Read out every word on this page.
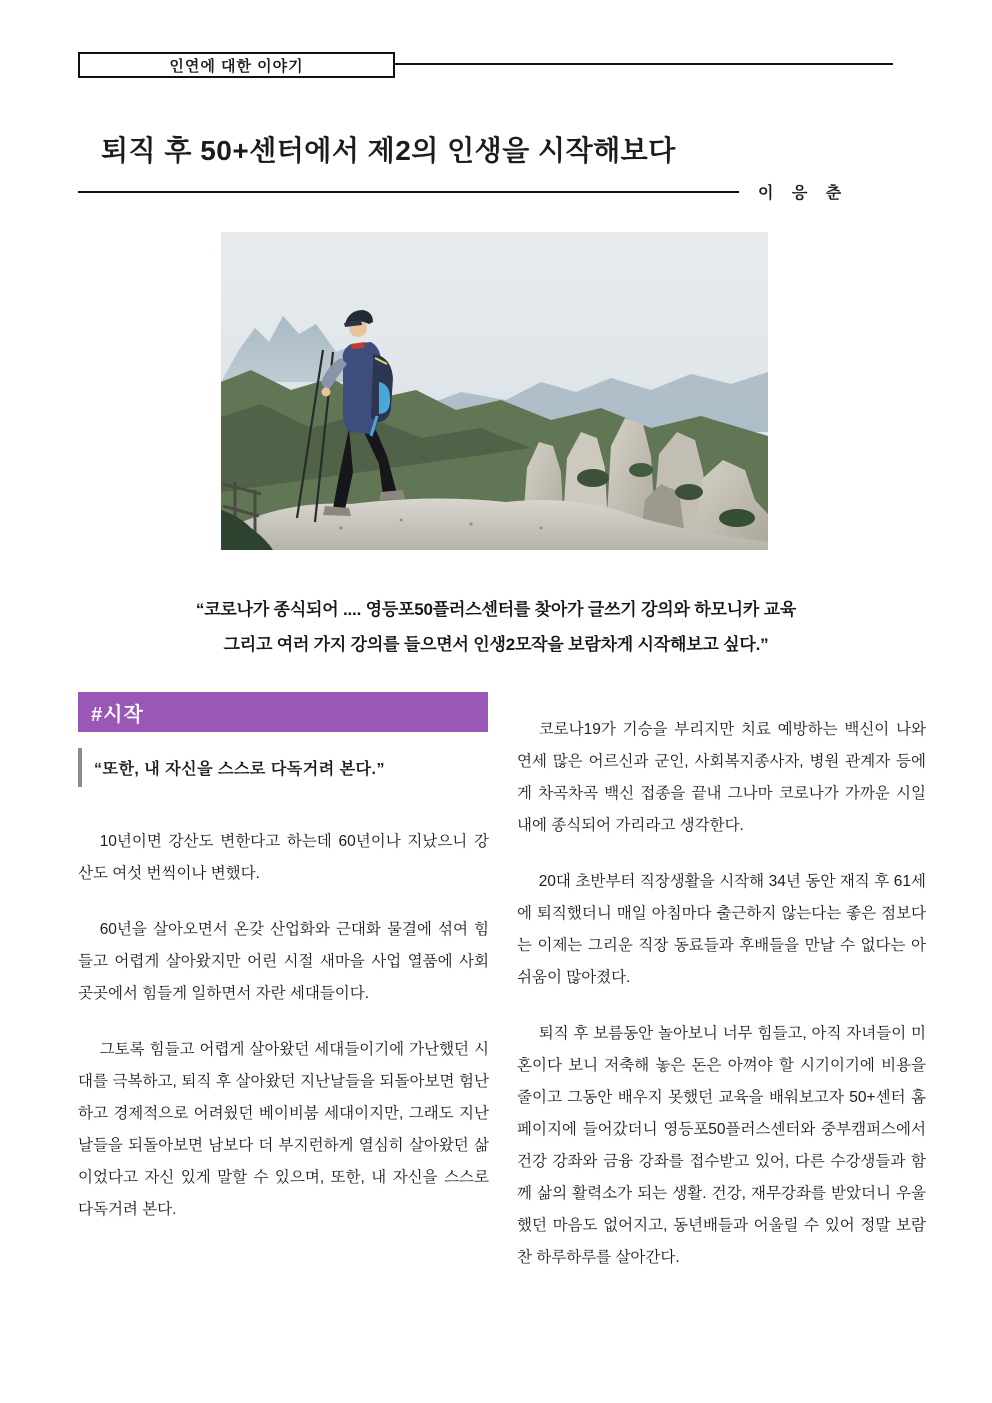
인연에 대한 이야기
퇴직 후 50+센터에서 제2의 인생을 시작해보다
이 응 춘
“코로나가 종식되어 .... 영등포50플러스센터를 찾아가 글쓰기 강의와 하모니카 교육
그리고 여러 가지 강의를 들으면서 인생2모작을 보람차게 시작해보고 싶다.”
#시작
“또한, 내 자신을 스스로 다독거려 본다.”

10년이면 강산도 변한다고 하는데 60년이나 지났으니 강산도 여섯 번씩이나 변했다.

60년을 살아오면서 온갖 산업화와 근대화 물결에 섞여 힘들고 어렵게 살아왔지만 어린 시절 새마을 사업 열품에 사회 곳곳에서 힘들게 일하면서 자란 세대들이다.

그토록 힘들고 어렵게 살아왔던 세대들이기에 가난했던 시대를 극복하고, 퇴직 후 살아왔던 지난날들을 되돌아보면 험난하고 경제적으로 어려웠던 베이비붐 세대이지만, 그래도 지난날들을 되돌아보면 남보다 더 부지런하게 열심히 살아왔던 삶이었다고 자신 있게 말할 수 있으며, 또한, 내 자신을 스스로 다독거려 본다.

코로나19가 기승을 부리지만 치료 예방하는 백신이 나와 연세 많은 어르신과 군인, 사회복지종사자, 병원 관계자 등에게 차곡차곡 백신 접종을 끝내 그나마 코로나가 가까운 시일 내에 종식되어 가리라고 생각한다.

20대 초반부터 직장생활을 시작해 34년 동안 재직 후 61세에 퇴직했더니 매일 아침마다 출근하지 않는다는 좋은 점보다는 이제는 그리운 직장 동료들과 후배들을 만날 수 없다는 아쉬움이 많아졌다.

퇴직 후 보름동안 놀아보니 너무 힘들고, 아직 자녀들이 미혼이다 보니 저축해 놓은 돈은 아껴야 할 시기이기에 비용을 줄이고 그동안 배우지 못했던 교육을 배워보고자 50+센터 홈페이지에 들어갔더니 영등포50플러스센터와 중부캠퍼스에서 건강 강좌와 금융 강좌를 접수받고 있어, 다른 수강생들과 함께 삶의 활력소가 되는 생활. 건강, 재무강좌를 받았더니 우울했던 마음도 없어지고, 동년배들과 어울릴 수 있어 정말 보람찬 하루하루를 살아간다.
